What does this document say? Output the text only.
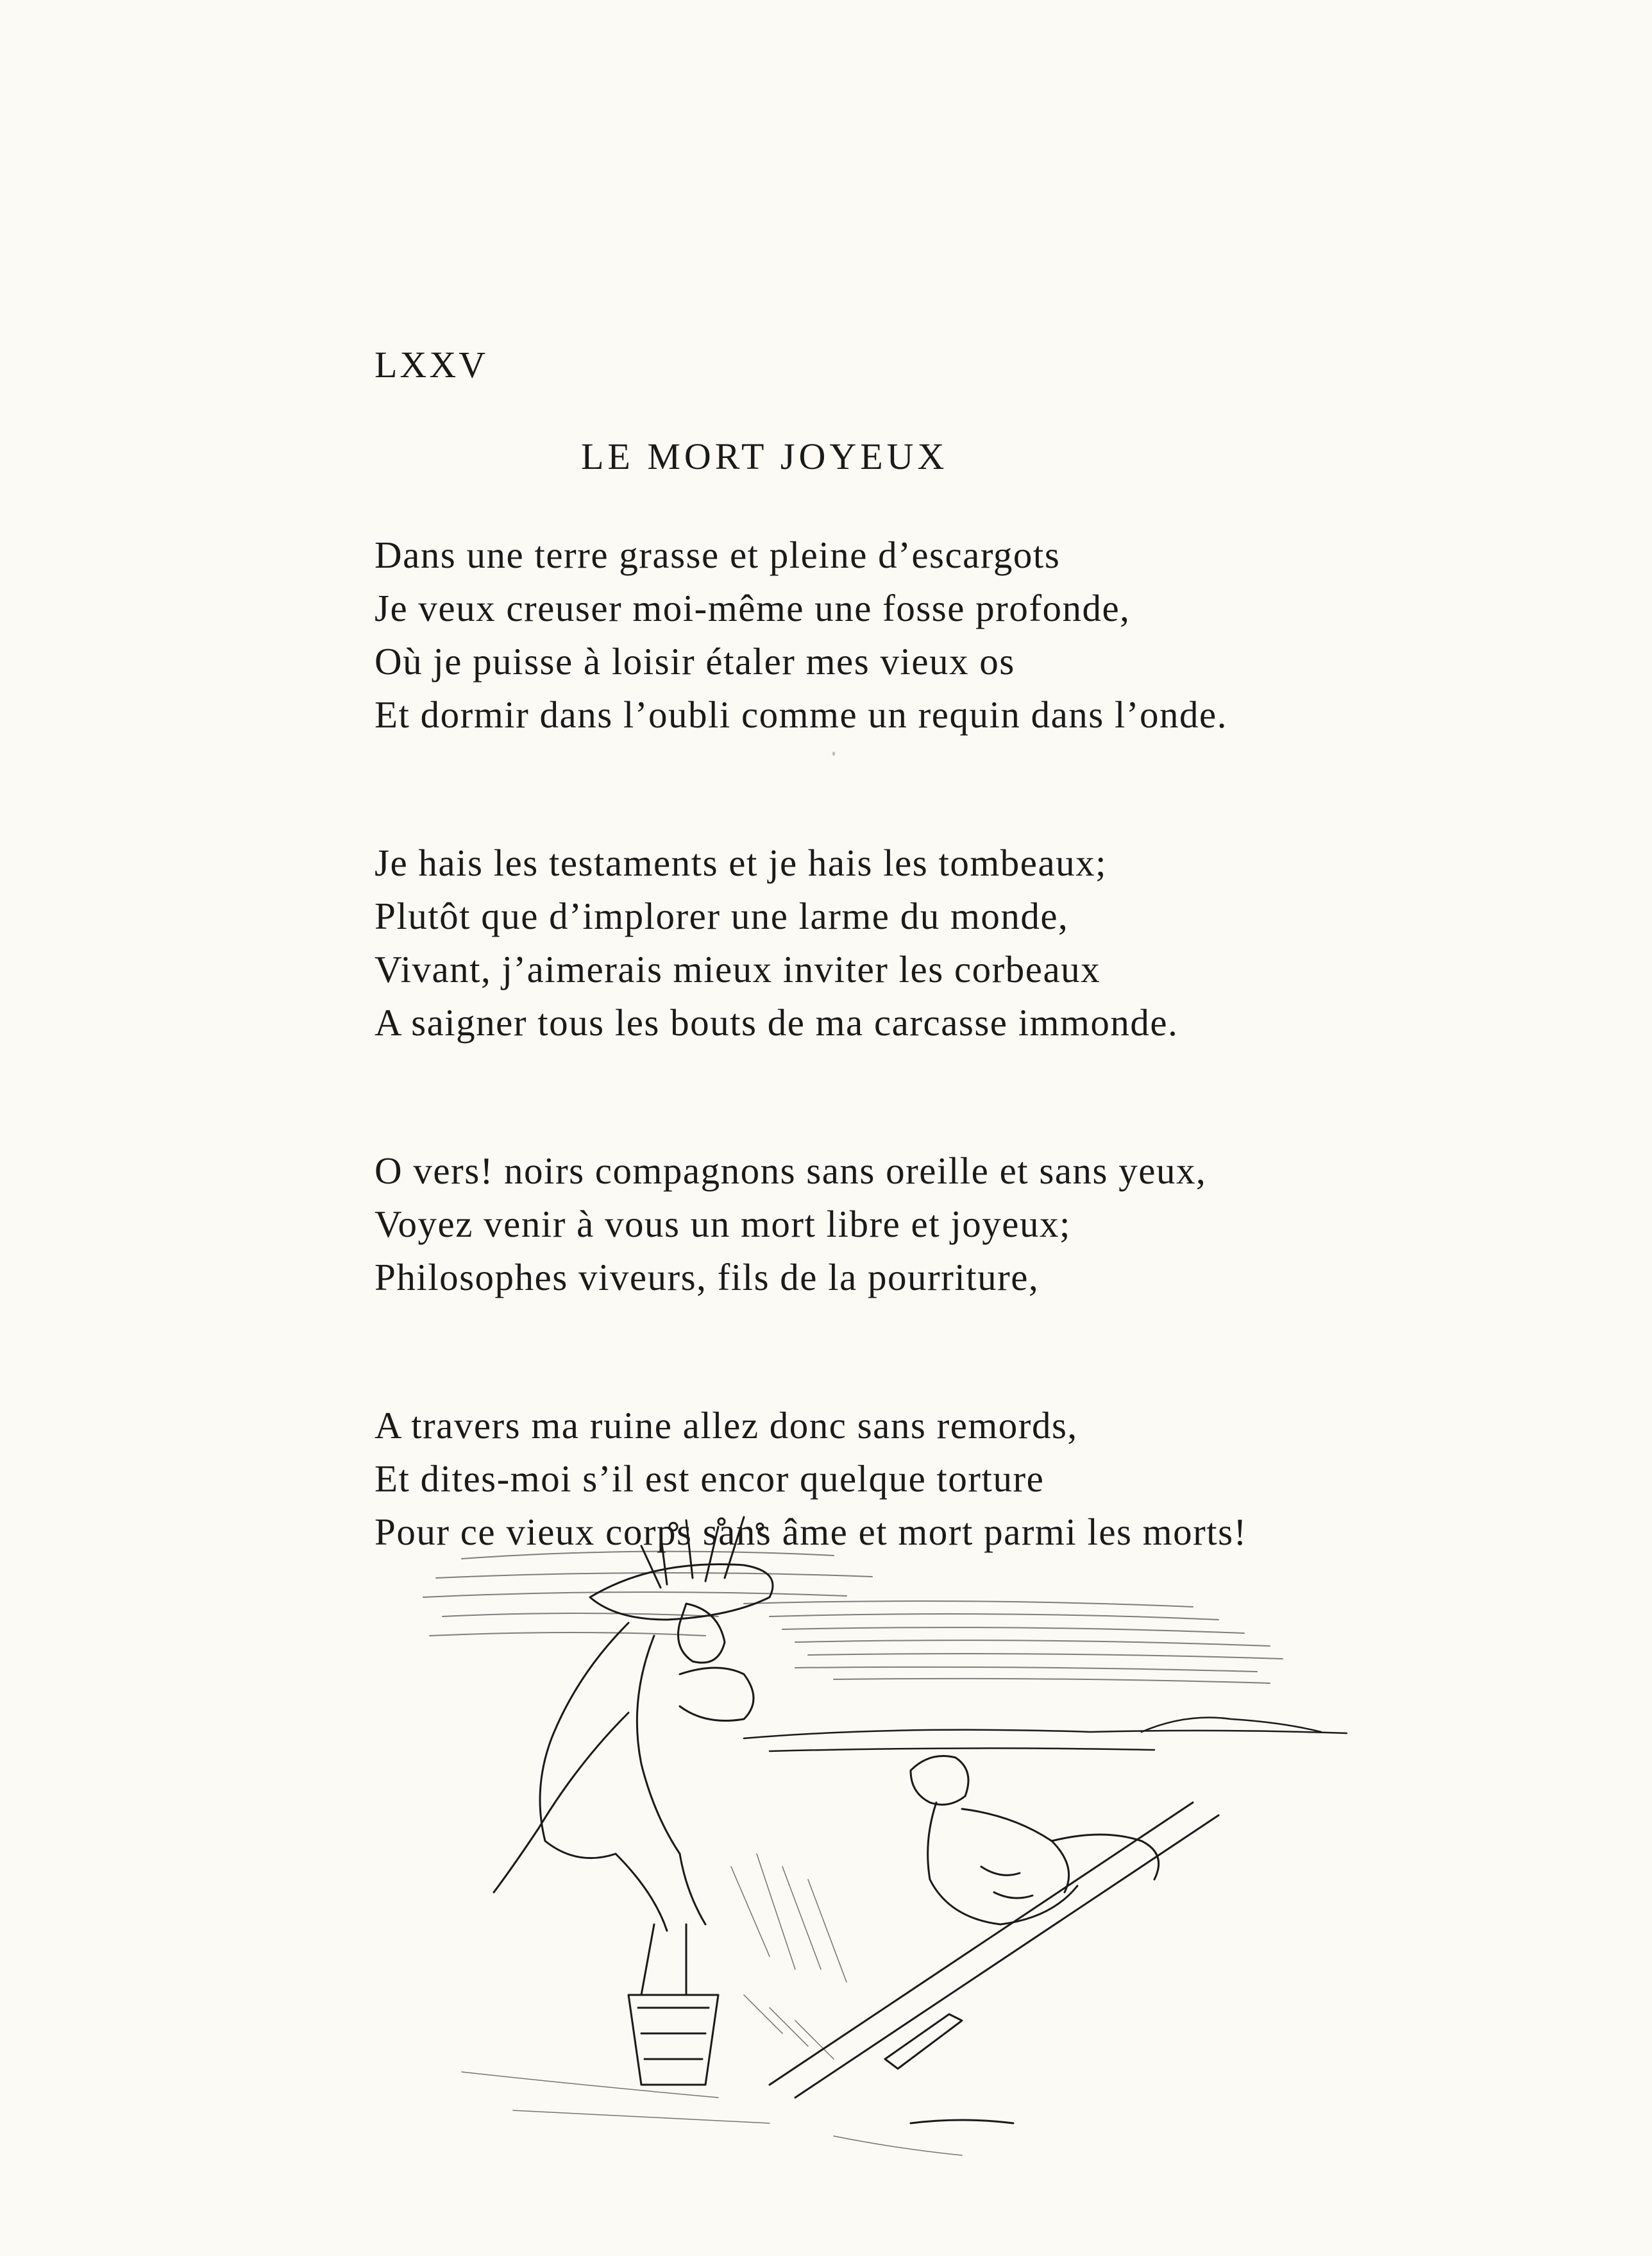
LXXV
LE MORT JOYEUX
Dans une terre grasse et pleine d’escargots
Je veux creuser moi-même une fosse profonde,
Où je puisse à loisir étaler mes vieux os
Et dormir dans l’oubli comme un requin dans l’onde.
Je hais les testaments et je hais les tombeaux;
Plutôt que d’implorer une larme du monde,
Vivant, j’aimerais mieux inviter les corbeaux
A saigner tous les bouts de ma carcasse immonde.
O vers! noirs compagnons sans oreille et sans yeux,
Voyez venir à vous un mort libre et joyeux;
Philosophes viveurs, fils de la pourriture,
A travers ma ruine allez donc sans remords,
Et dites-moi s’il est encor quelque torture
Pour ce vieux corps sans âme et mort parmi les morts!
